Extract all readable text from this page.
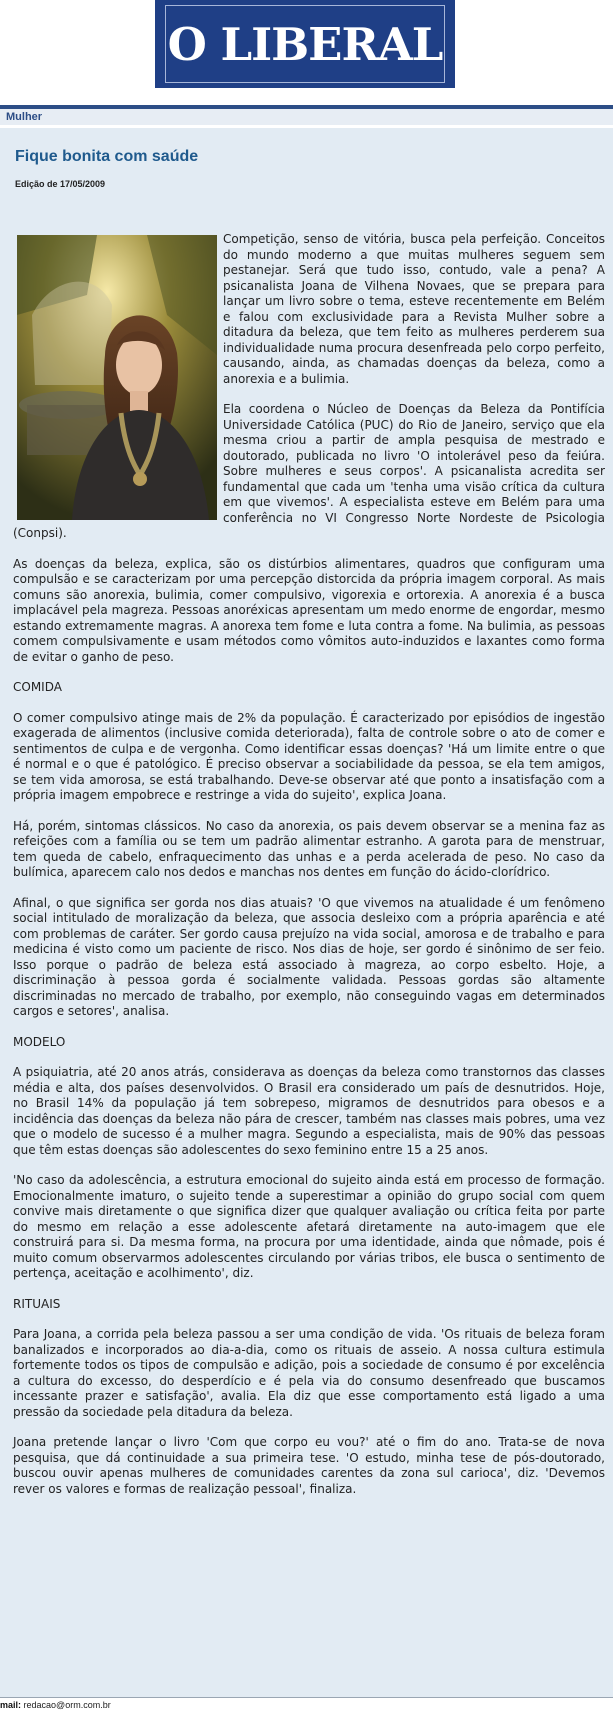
O LIBERAL
Mulher
Fique bonita com saúde
Edição de 17/05/2009

Competição, senso de vitória, busca pela perfeição. Conceitos do mundo moderno a que muitas mulheres seguem sem pestanejar. Será que tudo isso, contudo, vale a pena? A psicanalista Joana de Vilhena Novaes, que se prepara para lançar um livro sobre o tema, esteve recentemente em Belém e falou com exclusividade para a Revista Mulher sobre a ditadura da beleza, que tem feito as mulheres perderem sua individualidade numa procura desenfreada pelo corpo perfeito, causando, ainda, as chamadas doenças da beleza, como a anorexia e a bulimia.

Ela coordena o Núcleo de Doenças da Beleza da Pontifícia Universidade Católica (PUC) do Rio de Janeiro, serviço que ela mesma criou a partir de ampla pesquisa de mestrado e doutorado, publicada no livro 'O intolerável peso da feiúra. Sobre mulheres e seus corpos'. A psicanalista acredita ser fundamental que cada um 'tenha uma visão crítica da cultura em que vivemos'. A especialista esteve em Belém para uma conferência no VI Congresso Norte Nordeste de Psicologia (Conpsi).

As doenças da beleza, explica, são os distúrbios alimentares, quadros que configuram uma compulsão e se caracterizam por uma percepção distorcida da própria imagem corporal. As mais comuns são anorexia, bulimia, comer compulsivo, vigorexia e ortorexia. A anorexia é a busca implacável pela magreza. Pessoas anoréxicas apresentam um medo enorme de engordar, mesmo estando extremamente magras. A anorexa tem fome e luta contra a fome. Na bulimia, as pessoas comem compulsivamente e usam métodos como vômitos auto-induzidos e laxantes como forma de evitar o ganho de peso.

COMIDA

O comer compulsivo atinge mais de 2% da população. É caracterizado por episódios de ingestão exagerada de alimentos (inclusive comida deteriorada), falta de controle sobre o ato de comer e sentimentos de culpa e de vergonha. Como identificar essas doenças? 'Há um limite entre o que é normal e o que é patológico. É preciso observar a sociabilidade da pessoa, se ela tem amigos, se tem vida amorosa, se está trabalhando. Deve-se observar até que ponto a insatisfação com a própria imagem empobrece e restringe a vida do sujeito', explica Joana.

Há, porém, sintomas clássicos. No caso da anorexia, os pais devem observar se a menina faz as refeições com a família ou se tem um padrão alimentar estranho. A garota para de menstruar, tem queda de cabelo, enfraquecimento das unhas e a perda acelerada de peso. No caso da bulímica, aparecem calo nos dedos e manchas nos dentes em função do ácido-clorídrico.

Afinal, o que significa ser gorda nos dias atuais? 'O que vivemos na atualidade é um fenômeno social intitulado de moralização da beleza, que associa desleixo com a própria aparência e até com problemas de caráter. Ser gordo causa prejuízo na vida social, amorosa e de trabalho e para medicina é visto como um paciente de risco. Nos dias de hoje, ser gordo é sinônimo de ser feio. Isso porque o padrão de beleza está associado à magreza, ao corpo esbelto. Hoje, a discriminação à pessoa gorda é socialmente validada. Pessoas gordas são altamente discriminadas no mercado de trabalho, por exemplo, não conseguindo vagas em determinados cargos e setores', analisa.

MODELO

A psiquiatria, até 20 anos atrás, considerava as doenças da beleza como transtornos das classes média e alta, dos países desenvolvidos. O Brasil era considerado um país de desnutridos. Hoje, no Brasil 14% da população já tem sobrepeso, migramos de desnutridos para obesos e a incidência das doenças da beleza não pára de crescer, também nas classes mais pobres, uma vez que o modelo de sucesso é a mulher magra. Segundo a especialista, mais de 90% das pessoas que têm estas doenças são adolescentes do sexo feminino entre 15 a 25 anos.

'No caso da adolescência, a estrutura emocional do sujeito ainda está em processo de formação. Emocionalmente imaturo, o sujeito tende a superestimar a opinião do grupo social com quem convive mais diretamente o que significa dizer que qualquer avaliação ou crítica feita por parte do mesmo em relação a esse adolescente afetará diretamente na auto-imagem que ele construirá para si. Da mesma forma, na procura por uma identidade, ainda que nômade, pois é muito comum observarmos adolescentes circulando por várias tribos, ele busca o sentimento de pertença, aceitação e acolhimento', diz.

RITUAIS

Para Joana, a corrida pela beleza passou a ser uma condição de vida. 'Os rituais de beleza foram banalizados e incorporados ao dia-a-dia, como os rituais de asseio. A nossa cultura estimula fortemente todos os tipos de compulsão e adição, pois a sociedade de consumo é por excelência a cultura do excesso, do desperdício e é pela via do consumo desenfreado que buscamos incessante prazer e satisfação', avalia. Ela diz que esse comportamento está ligado a uma pressão da sociedade pela ditadura da beleza.

Joana pretende lançar o livro 'Com que corpo eu vou?' até o fim do ano. Trata-se de nova pesquisa, que dá continuidade a sua primeira tese. 'O estudo, minha tese de pós-doutorado, buscou ouvir apenas mulheres de comunidades carentes da zona sul carioca', diz. 'Devemos rever os valores e formas de realização pessoal', finaliza.

mail: redacao@orm.com.br
